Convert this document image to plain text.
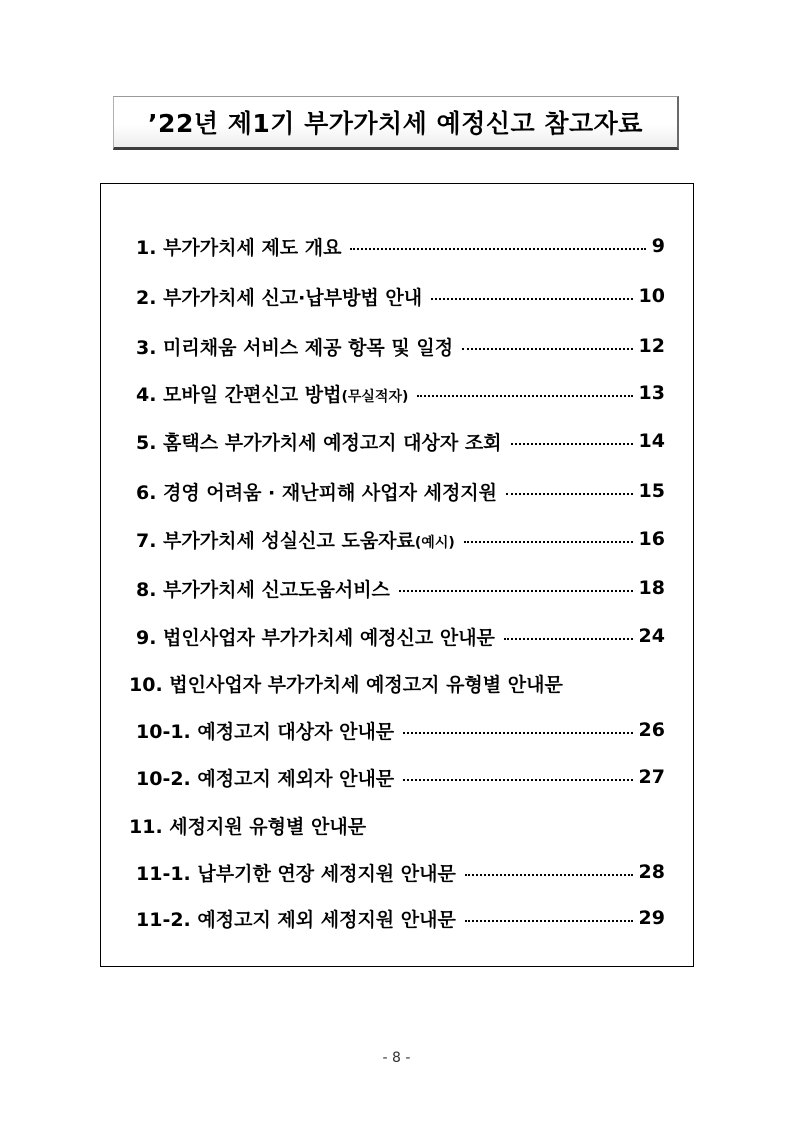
’22년 제1기 부가가치세 예정신고 참고자료
1. 부가가치세 제도 개요	9
2. 부가가치세 신고·납부방법 안내	10
3. 미리채움 서비스 제공 항목 및 일정	12
4. 모바일 간편신고 방법(무실적자)	13
5. 홈택스 부가가치세 예정고지 대상자 조회	14
6. 경영 어려움 · 재난피해 사업자 세정지원	15
7. 부가가치세 성실신고 도움자료(예시)	16
8. 부가가치세 신고도움서비스	18
9. 법인사업자 부가가치세 예정신고 안내문	24
10. 법인사업자 부가가치세 예정고지 유형별 안내문
10-1. 예정고지 대상자 안내문	26
10-2. 예정고지 제외자 안내문	27
11. 세정지원 유형별 안내문
11-1. 납부기한 연장 세정지원 안내문	28
11-2. 예정고지 제외 세정지원 안내문	29
- 8 -
